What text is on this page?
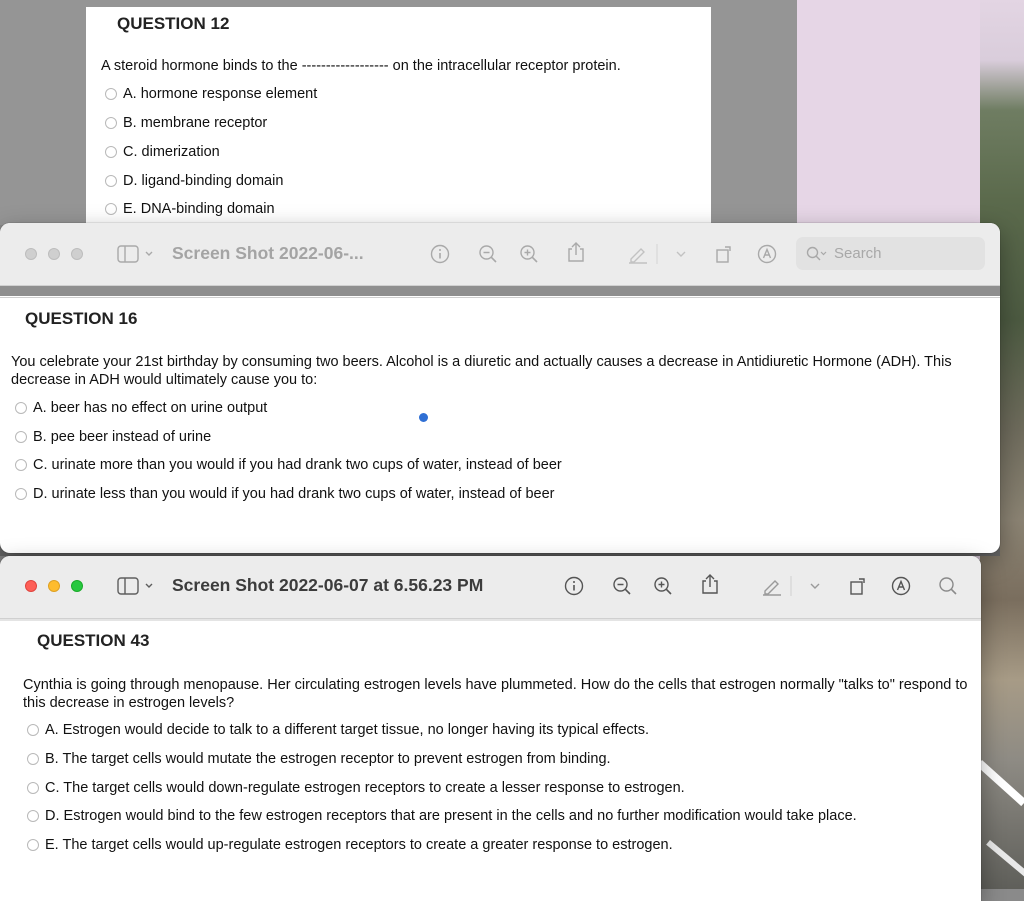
QUESTION 12
A steroid hormone binds to the ------------------ on the intracellular receptor protein.
A. hormone response element
B. membrane receptor
C. dimerization
D. ligand-binding domain
E. DNA-binding domain
Screen Shot 2022-06-...	Search
QUESTION 16
You celebrate your 21st birthday by consuming two beers. Alcohol is a diuretic and actually causes a decrease in Antidiuretic Hormone (ADH). This decrease in ADH would ultimately cause you to:
A. beer has no effect on urine output
B. pee beer instead of urine
C. urinate more than you would if you had drank two cups of water, instead of beer
D. urinate less than you would if you had drank two cups of water, instead of beer
Screen Shot 2022-06-07 at 6.56.23 PM
QUESTION 43
Cynthia is going through menopause. Her circulating estrogen levels have plummeted. How do the cells that estrogen normally "talks to" respond to this decrease in estrogen levels?
A. Estrogen would decide to talk to a different target tissue, no longer having its typical effects.
B. The target cells would mutate the estrogen receptor to prevent estrogen from binding.
C. The target cells would down-regulate estrogen receptors to create a lesser response to estrogen.
D. Estrogen would bind to the few estrogen receptors that are present in the cells and no further modification would take place.
E. The target cells would up-regulate estrogen receptors to create a greater response to estrogen.
